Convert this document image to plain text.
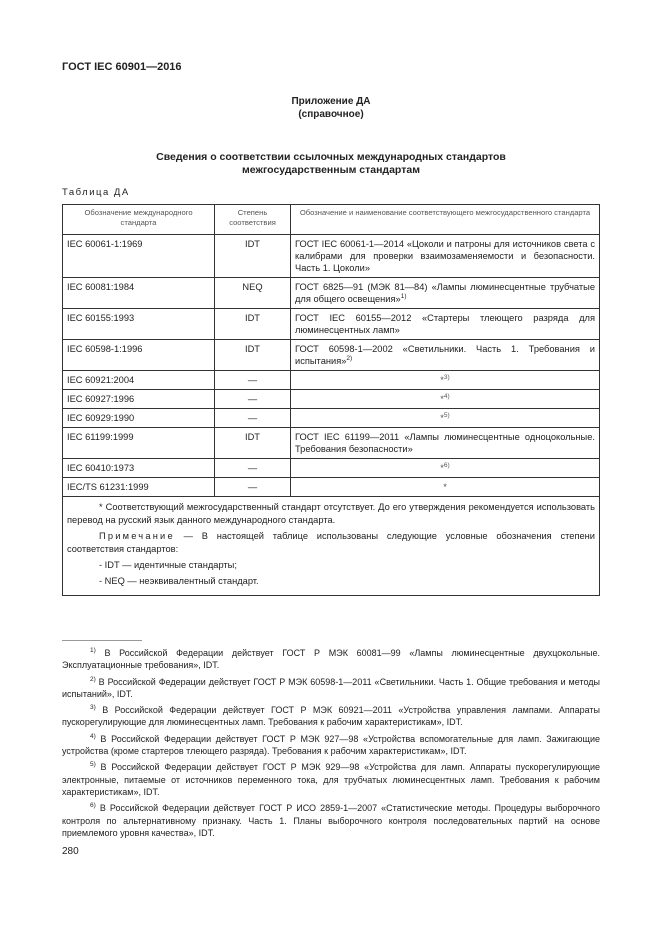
ГОСТ IEC 60901—2016
Приложение ДА
(справочное)
Сведения о соответствии ссылочных международных стандартов
межгосударственным стандартам
Таблица ДА
Обозначение международного стандарта	Степень соответствия	Обозначение и наименование соответствующего межгосударственного стандарта
IEC 60061-1:1969	IDT	ГОСТ IEC 60061-1—2014 «Цоколи и патроны для источников света с калибрами для проверки взаимозаменяемости и безопасности. Часть 1. Цоколи»
IEC 60081:1984	NEQ	ГОСТ 6825—91 (МЭК 81—84) «Лампы люминесцентные трубчатые для общего освещения»$^{1)}$
IEC 60155:1993	IDT	ГОСТ IEC 60155—2012 «Стартеры тлеющего разряда для люминесцентных ламп»
IEC 60598-1:1996	IDT	ГОСТ 60598-1—2002 «Светильники. Часть 1. Требования и испытания»$^{2)}$
IEC 60921:2004	—	*$^{3)}$
IEC 60927:1996	—	*$^{4)}$
IEC 60929:1990	—	*$^{5)}$
IEC 61199:1999	IDT	ГОСТ IEC 61199—2011 «Лампы люминесцентные одноцокольные. Требования безопасности»
IEC 60410:1973	—	*$^{6)}$
IEC/TS 61231:1999	—	*

* Соответствующий межгосударственный стандарт отсутствует. До его утверждения рекомендуется использовать перевод на русский язык данного международного стандарта.

Примечание — В настоящей таблице использованы следующие условные обозначения степени соответствия стандартов:

- IDT — идентичные стандарты;

- NEQ — неэквивалентный стандарт.		

$^{1)}$ В Российской Федерации действует ГОСТ Р МЭК 60081—99 «Лампы люминесцентные двухцокольные. Эксплуатационные требования», IDT.

$^{2)}$ В Российской Федерации действует ГОСТ Р МЭК 60598-1—2011 «Светильники. Часть 1. Общие требования и методы испытаний», IDT.

$^{3)}$ В Российской Федерации действует ГОСТ Р МЭК 60921—2011 «Устройства управления лампами. Аппараты пускорегулирующие для люминесцентных ламп. Требования к рабочим характеристикам», IDT.

$^{4)}$ В Российской Федерации действует ГОСТ Р МЭК 927—98 «Устройства вспомогательные для ламп. Зажигающие устройства (кроме стартеров тлеющего разряда). Требования к рабочим характеристикам», IDT.

$^{5)}$ В Российской Федерации действует ГОСТ Р МЭК 929—98 «Устройства для ламп. Аппараты пускорегулирующие электронные, питаемые от источников переменного тока, для трубчатых люминесцентных ламп. Требования к рабочим характеристикам», IDT.

$^{6)}$ В Российской Федерации действует ГОСТ Р ИСО 2859-1—2007 «Статистические методы. Процедуры выборочного контроля по альтернативному признаку. Часть 1. Планы выборочного контроля последовательных партий на основе приемлемого уровня качества», IDT.

280
